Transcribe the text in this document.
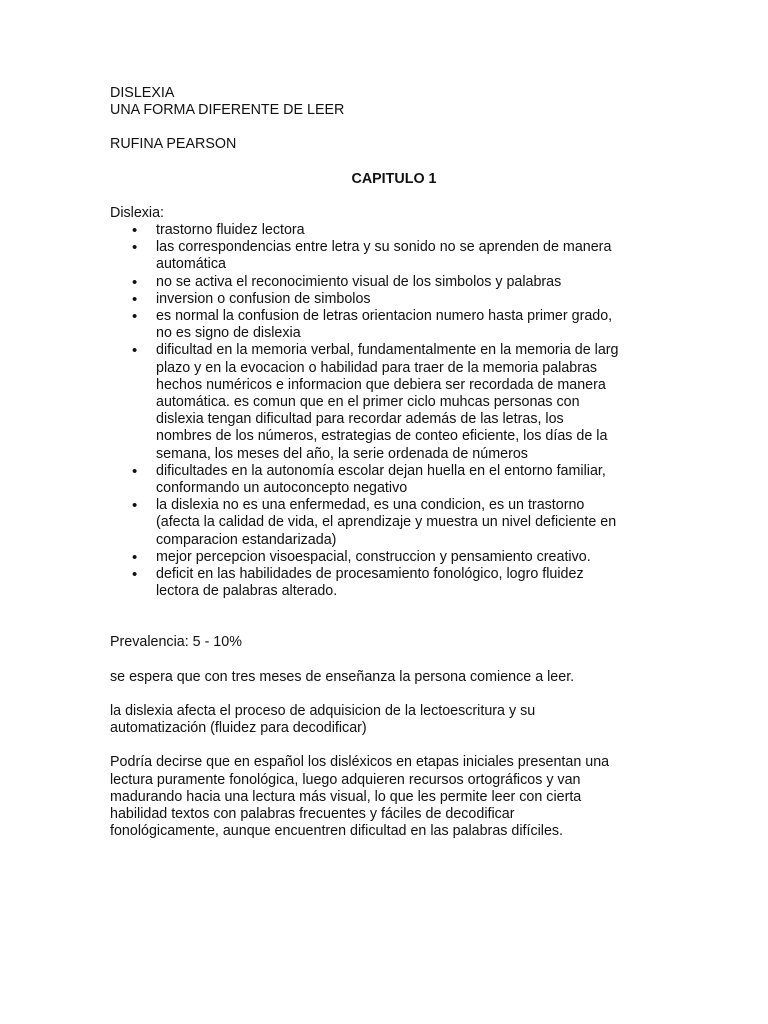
DISLEXIA
UNA FORMA DIFERENTE DE LEER
RUFINA PEARSON
CAPITULO 1
Dislexia:
• trastorno fluidez lectora
• las correspondencias entre letra y su sonido no se aprenden de manera
automática
• no se activa el reconocimiento visual de los simbolos y palabras
• inversion o confusion de simbolos
• es normal la confusion de letras orientacion numero hasta primer grado,
no es signo de dislexia
• dificultad en la memoria verbal, fundamentalmente en la memoria de larg
plazo y en la evocacion o habilidad para traer de la memoria palabras
hechos numéricos e informacion que debiera ser recordada de manera
automática. es comun que en el primer ciclo muhcas personas con
dislexia tengan dificultad para recordar además de las letras, los
nombres de los números, estrategias de conteo eficiente, los días de la
semana, los meses del año, la serie ordenada de números
• dificultades en la autonomía escolar dejan huella en el entorno familiar,
conformando un autoconcepto negativo
• la dislexia no es una enfermedad, es una condicion, es un trastorno
(afecta la calidad de vida, el aprendizaje y muestra un nivel deficiente en
comparacion estandarizada)
• mejor percepcion visoespacial, construccion y pensamiento creativo.
• deficit en las habilidades de procesamiento fonológico, logro fluidez
lectora de palabras alterado.
Prevalencia: 5 - 10%
se espera que con tres meses de enseñanza la persona comience a leer.
la dislexia afecta el proceso de adquisicion de la lectoescritura y su
automatización (fluidez para decodificar)
Podría decirse que en español los disléxicos en etapas iniciales presentan una
lectura puramente fonológica, luego adquieren recursos ortográficos y van
madurando hacia una lectura más visual, lo que les permite leer con cierta
habilidad textos con palabras frecuentes y fáciles de decodificar
fonológicamente, aunque encuentren dificultad en las palabras difíciles.
